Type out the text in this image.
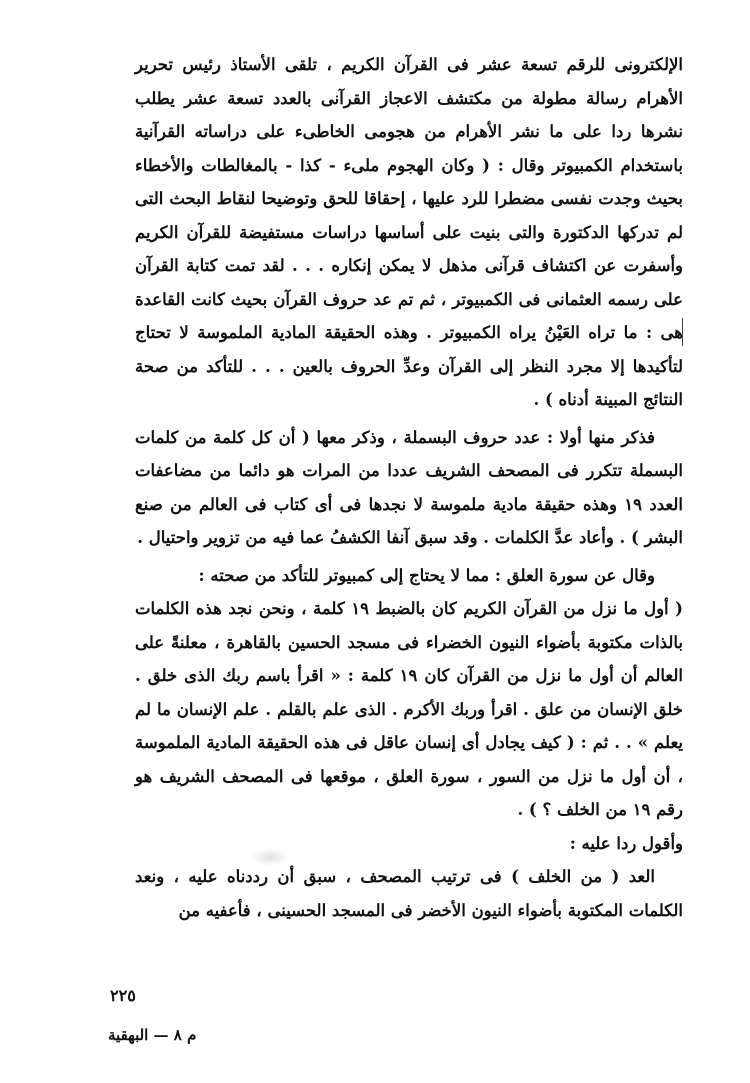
الإلكترونى للرقم تسعة عشر فى القرآن الكريم ، تلقى الأستاذ رئيس تحرير الأهرام رسالة مطولة من مكتشف الاعجاز القرآنى بالعدد تسعة عشر يطلب نشرها ردا على ما نشر الأهرام من هجومى الخاطىء على دراساته القرآنية باستخدام الكمبيوتر وقال : ( وكان الهجوم ملىء - كذا - بالمغالطات والأخطاء بحيث وجدت نفسى مضطرا للرد عليها ، إحقاقا للحق وتوضيحا لنقاط البحث التى لم تدركها الدكتورة والتى بنيت على أساسها دراسات مستفيضة للقرآن الكريم وأسفرت عن اكتشاف قرآنى مذهل لا يمكن إنكاره . . . لقد تمت كتابة القرآن على رسمه العثمانى فى الكمبيوتر ، ثم تم عد حروف القرآن بحيث كانت القاعدة هى : ما تراه العَيْنُ يراه الكمبيوتر . وهذه الحقيقة المادية الملموسة لا تحتاج لتأكيدها إلا مجرد النظر إلى القرآن وعدِّ الحروف بالعين . . . للتأكد من صحة النتائج المبينة أدناه ) .

فذكر منها أولا : عدد حروف البسملة ، وذكر معها ( أن كل كلمة من كلمات البسملة تتكرر فى المصحف الشريف عددا من المرات هو دائما من مضاعفات العدد ١٩ وهذه حقيقة مادية ملموسة لا نجدها فى أى كتاب فى العالم من صنع البشر ) . وأعاد عدَّ الكلمات . وقد سبق آنفا الكشفُ عما فيه من تزوير واحتيال .

وقال عن سورة العلق : مما لا يحتاج إلى كمبيوتر للتأكد من صحته :

( أول ما نزل من القرآن الكريم كان بالضبط ١٩ كلمة ، ونحن نجد هذه الكلمات بالذات مكتوبة بأضواء النيون الخضراء فى مسجد الحسين بالقاهرة ، معلنةً على العالم أن أول ما نزل من القرآن كان ١٩ كلمة : « اقرأ باسم ربك الذى خلق . خلق الإنسان من علق . اقرأ وربك الأكرم . الذى علم بالقلم . علم الإنسان ما لم يعلم » . . ثم : ( كيف يجادل أى إنسان عاقل فى هذه الحقيقة المادية الملموسة ، أن أول ما نزل من السور ، سورة العلق ، موقعها فى المصحف الشريف هو رقم ١٩ من الخلف ؟ ) .

وأقول ردا عليه :

العد ( من الخلف ) فى ترتيب المصحف ، سبق أن رددناه عليه ، ونعد الكلمات المكتوبة بأضواء النيون الأخضر فى المسجد الحسينى ، فأعفيه من

٢٢٥
م ٨ — البهقية
